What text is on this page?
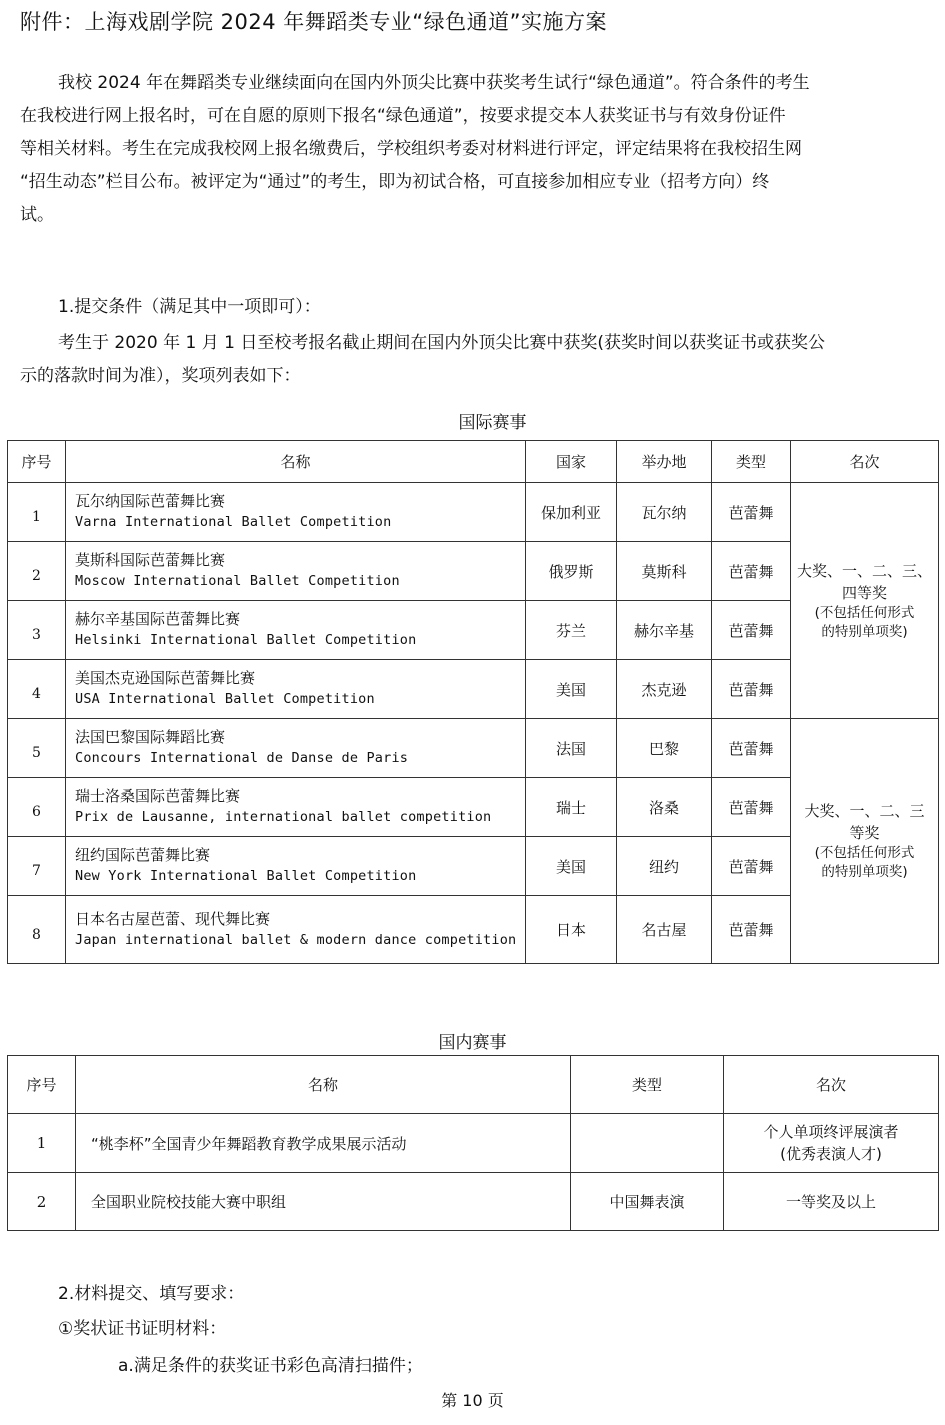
附件：上海戏剧学院 2024 年舞蹈类专业“绿色通道”实施方案
我校 2024 年在舞蹈类专业继续面向在国内外顶尖比赛中获奖考生试行“绿色通道”。符合条件的考生
在我校进行网上报名时，可在自愿的原则下报名“绿色通道”，按要求提交本人获奖证书与有效身份证件
等相关材料。考生在完成我校网上报名缴费后，学校组织考委对材料进行评定，评定结果将在我校招生网
“招生动态”栏目公布。被评定为“通过”的考生，即为初试合格，可直接参加相应专业（招考方向）终
试。
1.提交条件（满足其中一项即可）：
考生于 2020 年 1 月 1 日至校考报名截止期间在国内外顶尖比赛中获奖(获奖时间以获奖证书或获奖公
示的落款时间为准），奖项列表如下：
国际赛事
序号	名称	国家	举办地	类型	名次
1	瓦尔纳国际芭蕾舞比赛
Varna International Ballet Competition	保加利亚	瓦尔纳	芭蕾舞	大奖、一、二、三、
四等奖
(不包括任何形式
的特别单项奖)

2	莫斯科国际芭蕾舞比赛
Moscow International Ballet Competition	俄罗斯	莫斯科	芭蕾舞	
3	赫尔辛基国际芭蕾舞比赛
Helsinki International Ballet Competition	芬兰	赫尔辛基	芭蕾舞	
4	美国杰克逊国际芭蕾舞比赛
USA International Ballet Competition	美国	杰克逊	芭蕾舞	
5	法国巴黎国际舞蹈比赛
Concours International de Danse de Paris	法国	巴黎	芭蕾舞	大奖、一、二、三
等奖
(不包括任何形式
的特别单项奖)

6	瑞士洛桑国际芭蕾舞比赛
Prix de Lausanne, international ballet competition	瑞士	洛桑	芭蕾舞	
7	纽约国际芭蕾舞比赛
New York International Ballet Competition	美国	纽约	芭蕾舞	
8	日本名古屋芭蕾、现代舞比赛
Japan international ballet & modern dance competition	日本	名古屋	芭蕾舞	
国内赛事
序号	名称	类型	名次
1	“桃李杯”全国青少年舞蹈教育教学成果展示活动		个人单项终评展演者
(优秀表演人才)

2	全国职业院校技能大赛中职组	中国舞表演	一等奖及以上
2.材料提交、填写要求：
①奖状证书证明材料：
a.满足条件的获奖证书彩色高清扫描件；
第 10 页
